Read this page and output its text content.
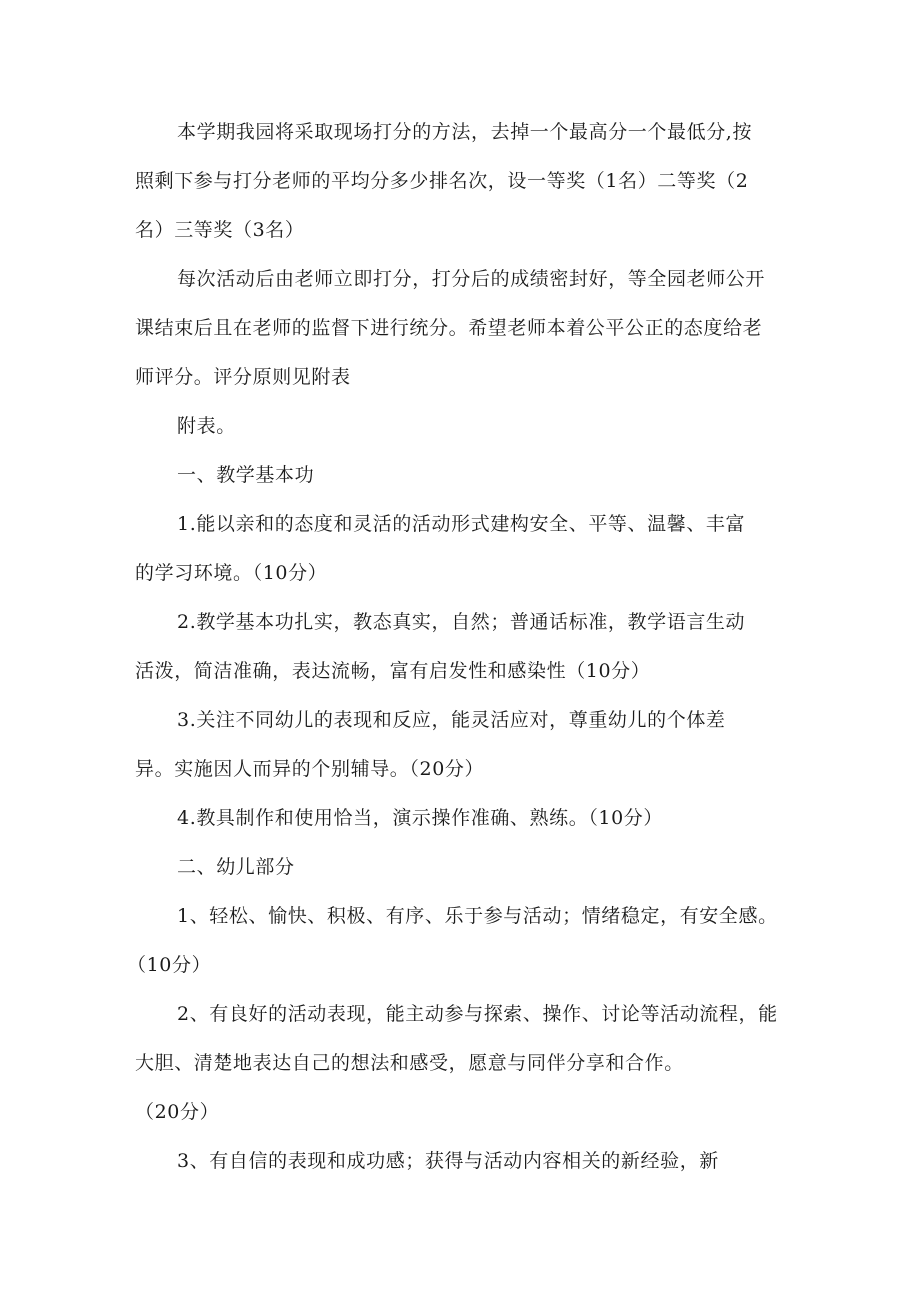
本学期我园将采取现场打分的方法，去掉一个最高分一个最低分,按
照剩下参与打分老师的平均分多少排名次，设一等奖（1名）二等奖（2
名）三等奖（3名）
每次活动后由老师立即打分，打分后的成绩密封好，等全园老师公开
课结束后且在老师的监督下进行统分。希望老师本着公平公正的态度给老
师评分。评分原则见附表
附表。
一、教学基本功
1.能以亲和的态度和灵活的活动形式建构安全、平等、温馨、丰富
的学习环境。（10分）
2.教学基本功扎实，教态真实，自然；普通话标准，教学语言生动
活泼，简洁准确，表达流畅，富有启发性和感染性（10分）
3.关注不同幼儿的表现和反应，能灵活应对，尊重幼儿的个体差
异。实施因人而异的个别辅导。（20分）
4.教具制作和使用恰当，演示操作准确、熟练。（10分）
二、幼儿部分
1、轻松、愉快、积极、有序、乐于参与活动；情绪稳定，有安全感。
（10分）
2、有良好的活动表现，能主动参与探索、操作、讨论等活动流程，能
大胆、清楚地表达自己的想法和感受，愿意与同伴分享和合作。
（20分）
3、有自信的表现和成功感；获得与活动内容相关的新经验，新
